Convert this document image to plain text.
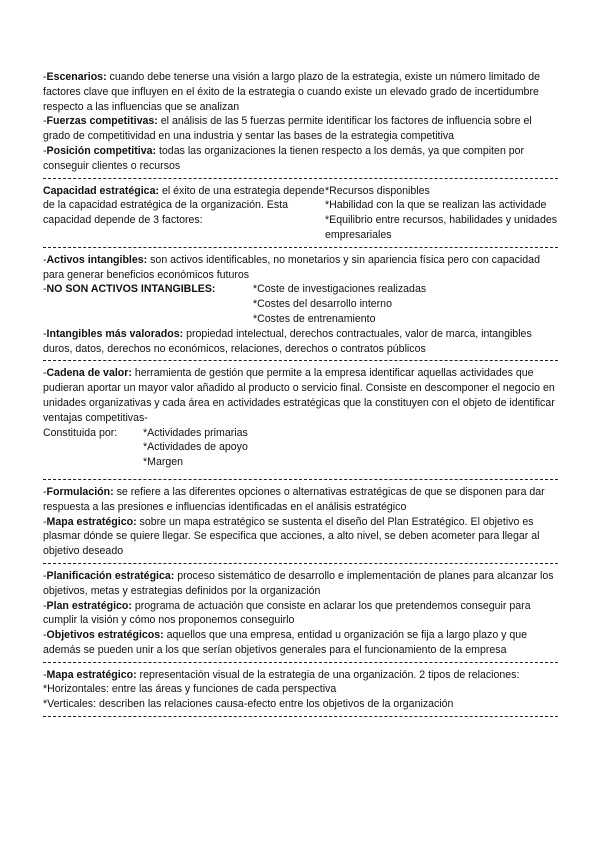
-Escenarios: cuando debe tenerse una visión a largo plazo de la estrategia, existe un número limitado de factores clave que influyen en el éxito de la estrategia o cuando existe un elevado grado de incertidumbre respecto a las influencias que se analizan

-Fuerzas competitivas: el análisis de las 5 fuerzas permite identificar los factores de influencia sobre el grado de competitividad en una industria y sentar las bases de la estrategia competitiva

-Posición competitiva: todas las organizaciones la tienen respecto a los demás, ya que compiten por conseguir clientes o recursos

Capacidad estratégica: el éxito de una estrategia depende de la capacidad estratégica de la organización. Esta capacidad depende de 3 factores:
*Recursos disponibles
*Habilidad con la que se realizan las actividade
*Equilibrio entre recursos, habilidades y unidades empresariales

-Activos intangibles: son activos identificables, no monetarios y sin apariencia física pero con capacidad para generar beneficios económicos futuros

-NO SON ACTIVOS INTANGIBLES:	*Coste de investigaciones realizadas
*Costes del desarrollo interno
*Costes de entrenamiento

-Intangibles más valorados: propiedad intelectual, derechos contractuales, valor de marca, intangibles duros, datos, derechos no económicos, relaciones, derechos o contratos públicos

-Cadena de valor: herramienta de gestión que permite a la empresa identificar aquellas actividades que pudieran aportar un mayor valor añadido al producto o servicio final. Consiste en descomponer el negocio en unidades organizativas y cada área en actividades estratégicas que la constituyen con el objeto de identificar ventajas competitivas-

Constituida por:	*Actividades primarias
*Actividades de apoyo
*Margen

-Formulación: se refiere a las diferentes opciones o alternativas estratégicas de que se disponen para dar respuesta a las presiones e influencias identificadas en el análisis estratégico

-Mapa estratégico: sobre un mapa estratégico se sustenta el diseño del Plan Estratégico. El objetivo es plasmar dónde se quiere llegar. Se especifica que acciones, a alto nivel, se deben acometer para llegar al objetivo deseado

-Planificación estratégica: proceso sistemático de desarrollo e implementación de planes para alcanzar los objetivos, metas y estrategias definidos por la organización

-Plan estratégico: programa de actuación que consiste en aclarar los que pretendemos conseguir para cumplir la visión y cómo nos proponemos conseguirlo

-Objetivos estratégicos: aquellos que una empresa, entidad u organización se fija a largo plazo y que además se pueden unir a los que serían objetivos generales para el funcionamiento de la empresa

-Mapa estratégico: representación visual de la estrategia de una organización. 2 tipos de relaciones:

*Horizontales: entre las áreas y funciones de cada perspectiva

*Verticales: describen las relaciones causa-efecto entre los objetivos de la organización
